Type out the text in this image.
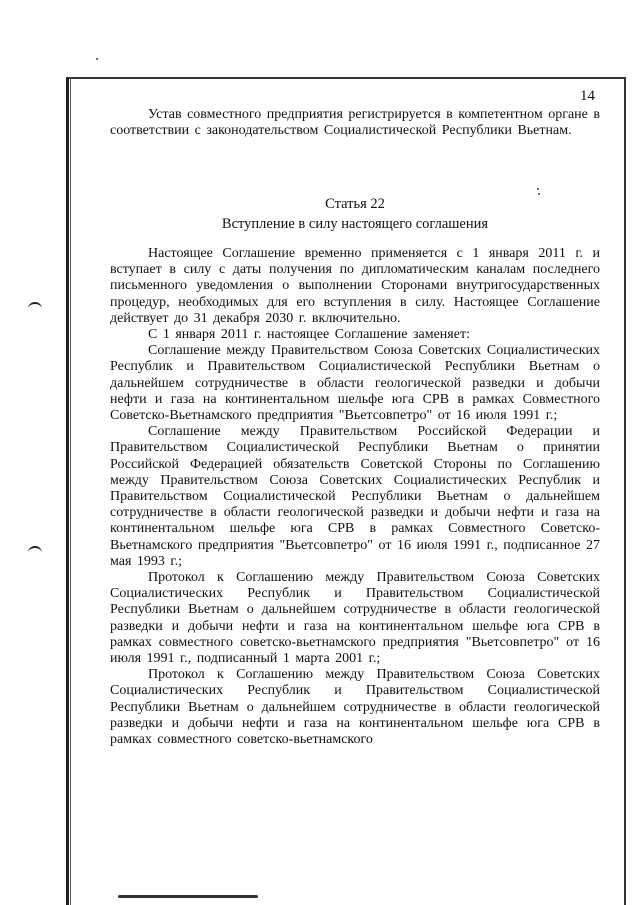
14

Устав совместного предприятия регистрируется в компетентном органе в соответствии с законодательством Социалистической Республики Вьетнам.

Статья 22

Вступление в силу настоящего соглашения

Настоящее Соглашение временно применяется с 1 января 2011 г. и вступает в силу с даты получения по дипломатическим каналам последнего письменного уведомления о выполнении Сторонами внутригосударственных процедур, необходимых для его вступления в силу. Настоящее Соглашение действует до 31 декабря 2030 г. включительно.

С 1 января 2011 г. настоящее Соглашение заменяет:

Соглашение между Правительством Союза Советских Социалистических Республик и Правительством Социалистической Республики Вьетнам о дальнейшем сотрудничестве в области геологической разведки и добычи нефти и газа на континентальном шельфе юга СРВ в рамках Совместного Советско-Вьетнамского предприятия "Вьетсовпетро" от 16 июля 1991 г.;

Соглашение между Правительством Российской Федерации и Правительством Социалистической Республики Вьетнам о принятии Российской Федерацией обязательств Советской Стороны по Соглашению между Правительством Союза Советских Социалистических Республик и Правительством Социалистической Республики Вьетнам о дальнейшем сотрудничестве в области геологической разведки и добычи нефти и газа на континентальном шельфе юга СРВ в рамках Совместного Советско-Вьетнамского предприятия "Вьетсовпетро" от 16 июля 1991 г., подписанное 27 мая 1993 г.;

Протокол к Соглашению между Правительством Союза Советских Социалистических Республик и Правительством Социалистической Республики Вьетнам о дальнейшем сотрудничестве в области геологической разведки и добычи нефти и газа на континентальном шельфе юга СРВ в рамках совместного советско-вьетнамского предприятия "Вьетсовпетро" от 16 июля 1991 г., подписанный 1 марта 2001 г.;

Протокол к Соглашению между Правительством Союза Советских Социалистических Республик и Правительством Социалистической Республики Вьетнам о дальнейшем сотрудничестве в области геологической разведки и добычи нефти и газа на континентальном шельфе юга СРВ в рамках совместного советско-вьетнамского
